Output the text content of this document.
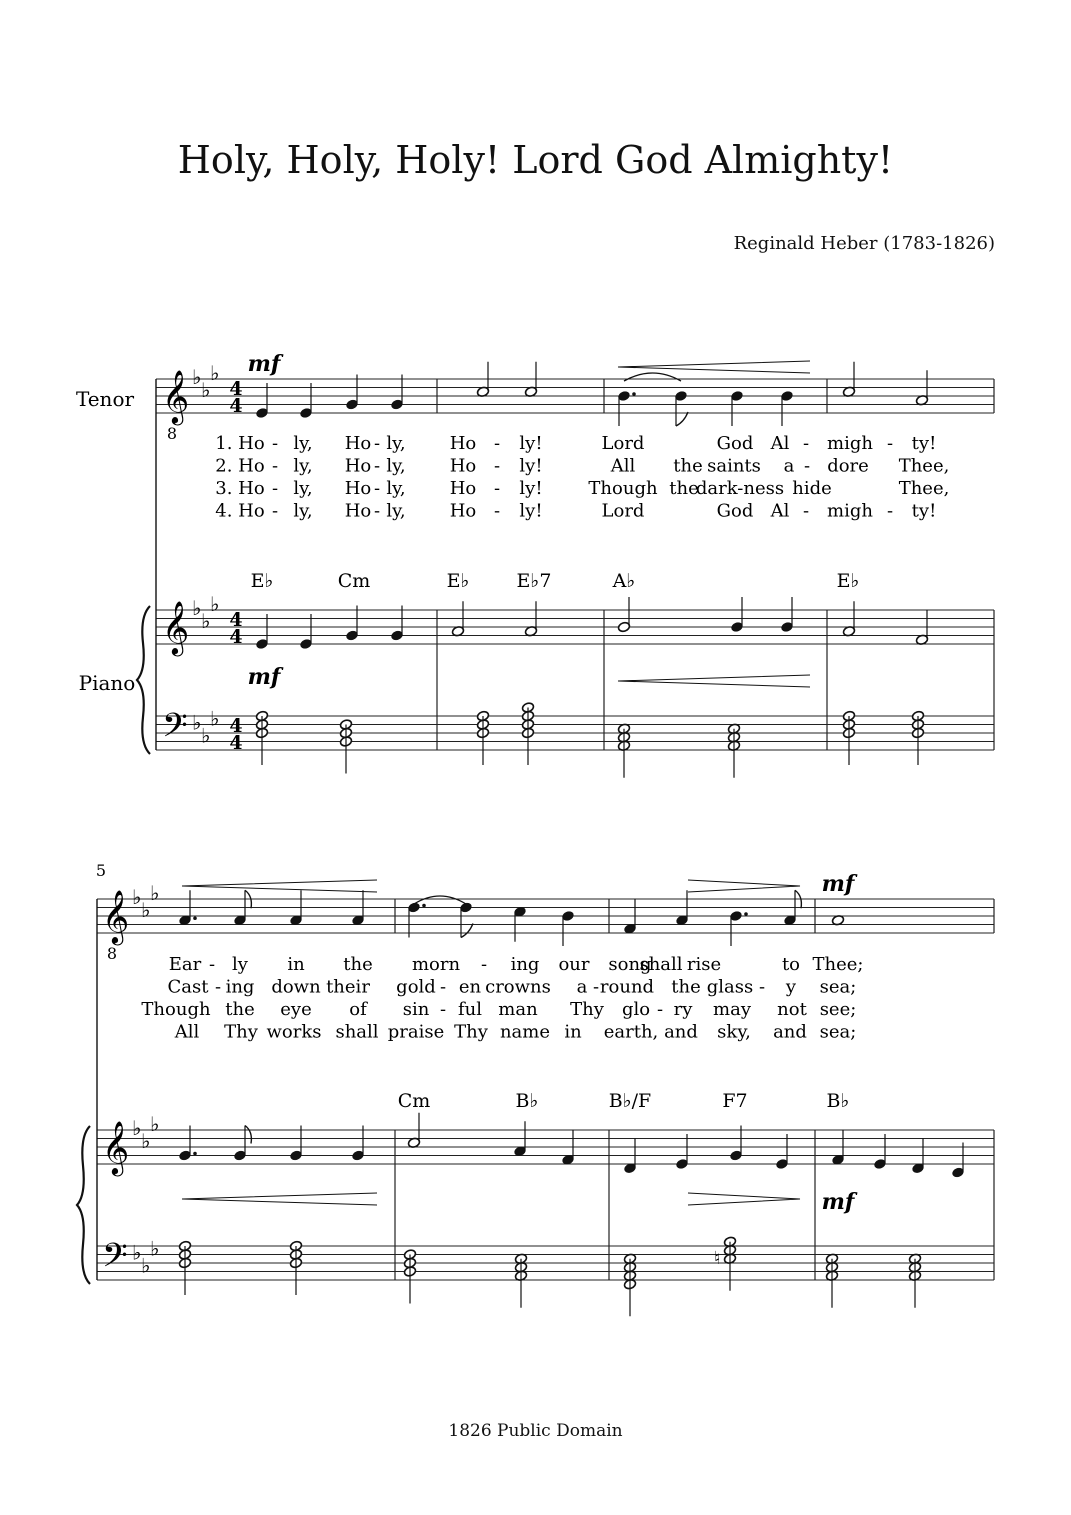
Holy, Holy, Holy! Lord God Almighty!
Reginald Heber (1783-1826)
1826 Public Domain
𝄞
8
𝄞
𝄢
♭
♭
♭
♭
♭
♭
♭
♭
♭
4
4
4
4
4
4
Tenor
Piano
mf
mf
E♭	Cm	E♭ E♭7	A♭	E♭
1. Ho - ly, Ho - ly, Ho - ly!	Lord	God Al - migh - ty!
2. Ho - ly, Ho - ly, Ho - ly!	All the saints a - dore Thee,
3. Ho - ly, Ho - ly, Ho - ly!	Though the
dark-ness hide	Thee,
4. Ho - ly, Ho - ly, Ho - ly!	Lord	God Al - migh - ty!
5
𝄞
8
𝄞
𝄢
♭
♭
♭
♭
♭
♭
♭
♭
♭
mf
mf
♮
Cm	B♭	B♭/F	F7	B♭
Ear - ly in the morn - ing our song
shall rise	to Thee;
Cast - ing down their gold - en crowns a - round the glass - y sea;
Though the eye of sin - ful man Thy glo - ry may not see;
All Thy works shall praise Thy name in earth, and sky, and sea;
